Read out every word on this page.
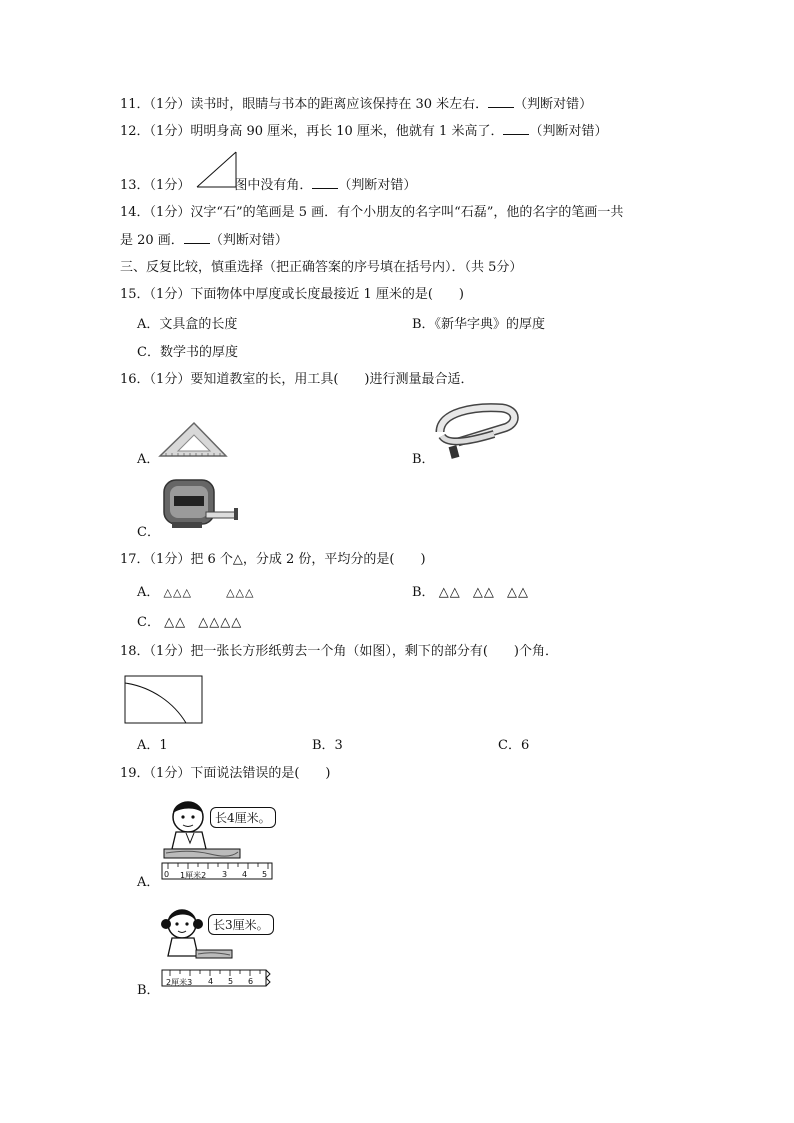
11．（1分）读书时，眼睛与书本的距离应该保持在 30 米左右． （判断对错）
12．（1分）明明身高 90 厘米，再长 10 厘米，他就有 1 米高了． （判断对错）
13．（1分）	图中没有角． （判断对错）
14．（1分）汉字“石”的笔画是 5 画．有个小朋友的名字叫“石磊”，他的名字的笔画一共
是 20 画． （判断对错）
三、反复比较，慎重选择（把正确答案的序号填在括号内）．（共 5分）
15．（1分）下面物体中厚度或长度最接近 1 厘米的是(　　)
A．文具盒的长度	B．《新华字典》的厚度
C．数学书的厚度
16．（1分）要知道教室的长，用工具(　　)进行测量最合适．
A．	B．
C．
17．（1分）把 6 个△，分成 2 份，平均分的是(　　)
A． △△△	△△△	B． △△ △△ △△
C． △△ △△△△
18．（1分）把一张长方形纸剪去一个角（如图），剩下的部分有(　　)个角．
A．1	B．3	C．6
19．（1分）下面说法错误的是(　　)
A．
长4厘米。
0 1厘米2 3 4 5
B．
长3厘米。
2厘米3 4 5 6
